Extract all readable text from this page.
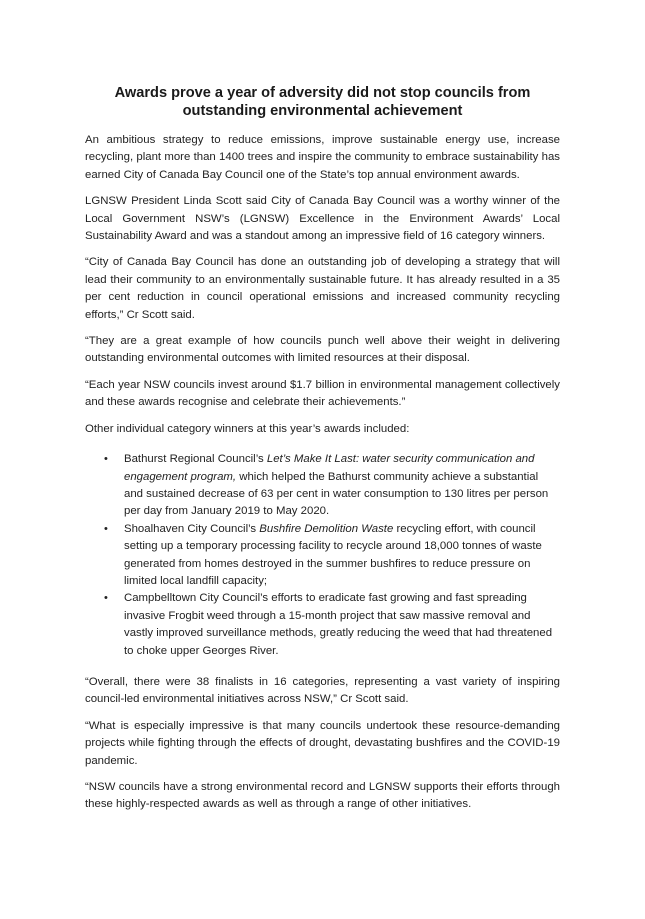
Awards prove a year of adversity did not stop councils from outstanding environmental achievement

An ambitious strategy to reduce emissions, improve sustainable energy use, increase recycling, plant more than 1400 trees and inspire the community to embrace sustainability has earned City of Canada Bay Council one of the State’s top annual environment awards.

LGNSW President Linda Scott said City of Canada Bay Council was a worthy winner of the Local Government NSW’s (LGNSW) Excellence in the Environment Awards’ Local Sustainability Award and was a standout among an impressive field of 16 category winners.

“City of Canada Bay Council has done an outstanding job of developing a strategy that will lead their community to an environmentally sustainable future. It has already resulted in a 35 per cent reduction in council operational emissions and increased community recycling efforts,” Cr Scott said.

“They are a great example of how councils punch well above their weight in delivering outstanding environmental outcomes with limited resources at their disposal.

“Each year NSW councils invest around $1.7 billion in environmental management collectively and these awards recognise and celebrate their achievements.”

Other individual category winners at this year’s awards included:

• Bathurst Regional Council’s Let’s Make It Last: water security communication and engagement program, which helped the Bathurst community achieve a substantial and sustained decrease of 63 per cent in water consumption to 130 litres per person per day from January 2019 to May 2020.
• Shoalhaven City Council’s Bushfire Demolition Waste recycling effort, with council setting up a temporary processing facility to recycle around 18,000 tonnes of waste generated from homes destroyed in the summer bushfires to reduce pressure on limited local landfill capacity;
• Campbelltown City Council’s efforts to eradicate fast growing and fast spreading invasive Frogbit weed through a 15-month project that saw massive removal and vastly improved surveillance methods, greatly reducing the weed that had threatened to choke upper Georges River.

“Overall, there were 38 finalists in 16 categories, representing a vast variety of inspiring council-led environmental initiatives across NSW,” Cr Scott said.

“What is especially impressive is that many councils undertook these resource-demanding projects while fighting through the effects of drought, devastating bushfires and the COVID-19 pandemic.

“NSW councils have a strong environmental record and LGNSW supports their efforts through these highly-respected awards as well as through a range of other initiatives.
